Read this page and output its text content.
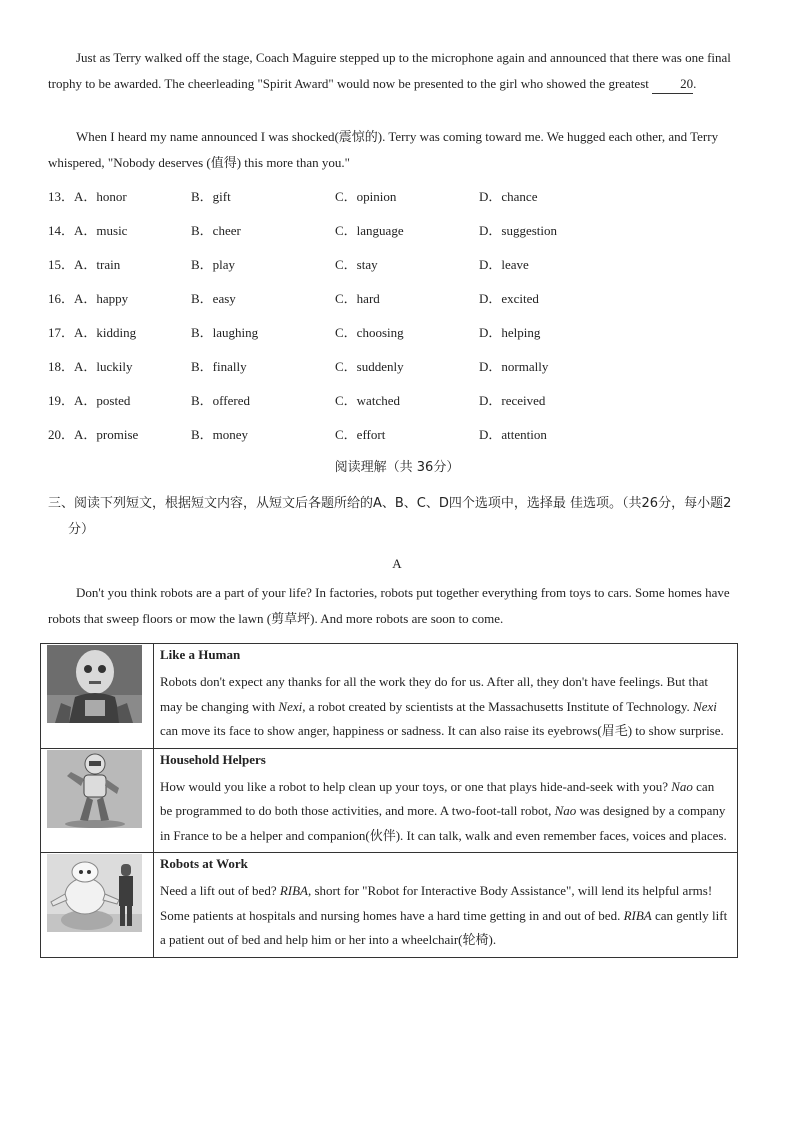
Just as Terry walked off the stage, Coach Maguire stepped up to the microphone again and announced that there was one final trophy to be awarded. The cheerleading "Spirit Award" would now be presented to the girl who showed the greatest 20.

When I heard my name announced I was shocked(震惊的). Terry was coming toward me. We hugged each other, and Terry whispered, "Nobody deserves (值得) this more than you."

13．A．honor	B．gift	C．opinion	D．chance
14．A．music	B．cheer	C．language	D．suggestion
15．A．train	B．play	C．stay	D．leave
16．A．happy	B．easy	C．hard	D．excited
17．A．kidding	B．laughing	C．choosing	D．helping
18．A．luckily	B．finally	C．suddenly	D．normally
19．A．posted	B．offered	C．watched	D．received
20．A．promise	B．money	C．effort	D．attention
阅读理解（共 36分）

三、阅读下列短文，根据短文内容，从短文后各题所给的A、B、C、D四个选项中，选择最 佳选项。（共26分，每小题2分）

A

Don't you think robots are a part of your life? In factories, robots put together everything from toys to cars. Some homes have robots that sweep floors or mow the lawn (剪草坪). And more robots are soon to come.

Like a Human
Robots don't expect any thanks for all the work they do for us. After all, they don't have feelings. But that may be changing with Nexi, a robot created by scientists at the Massachusetts Institute of Technology. Nexi can move its face to show anger, happiness or sadness. It can also raise its eyebrows(眉毛) to show surprise.

Household Helpers
How would you like a robot to help clean up your toys, or one that plays hide-and-seek with you? Nao can be programmed to do both those activities, and more. A two-foot-tall robot, Nao was designed by a company in France to be a helper and companion(伙伴). It can talk, walk and even remember faces, voices and places.

Robots at Work
Need a lift out of bed? RIBA, short for "Robot for Interactive Body Assistance", will lend its helpful arms! Some patients at hospitals and nursing homes have a hard time getting in and out of bed. RIBA can gently lift a patient out of bed and help him or her into a wheelchair(轮椅).
